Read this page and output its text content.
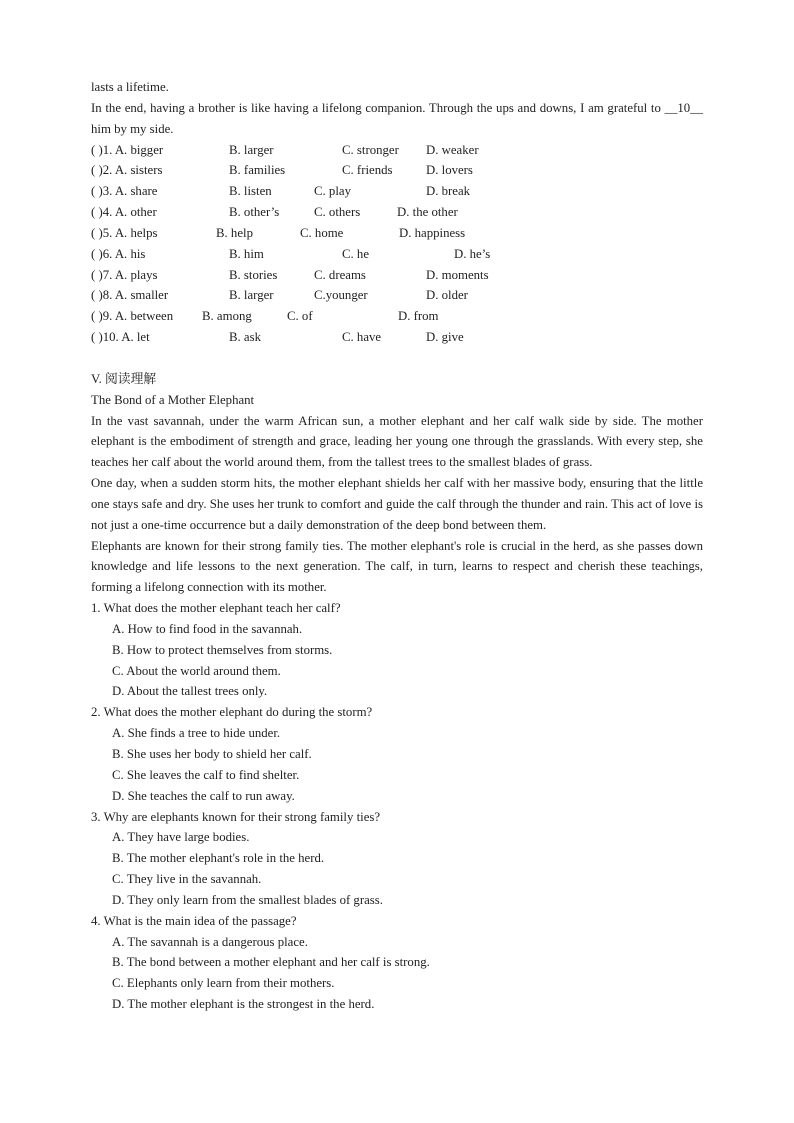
lasts a lifetime.

In the end, having a brother is like having a lifelong companion. Through the ups and downs, I am grateful to __10__ him by my side.

( )1. A. bigger	B. larger	C. stronger	D. weaker
( )2. A. sisters	B. families	C. friends	D. lovers
( )3. A. share	B. listen	C. play	D. break
( )4. A. other	B. other’s	C. others	D. the other
( )5. A. helps	B. help	C. home	D. happiness
( )6. A. his	B. him	C. he	D. he’s
( )7. A. plays	B. stories	C. dreams	D. moments
( )8. A. smaller	B. larger	C.younger	D. older
( )9. A. between	B. among	C. of	D. from
( )10. A. let	B. ask	C. have	D. give

V. 阅读理解

The Bond of a Mother Elephant

In the vast savannah, under the warm African sun, a mother elephant and her calf walk side by side. The mother elephant is the embodiment of strength and grace, leading her young one through the grasslands. With every step, she teaches her calf about the world around them, from the tallest trees to the smallest blades of grass.

One day, when a sudden storm hits, the mother elephant shields her calf with her massive body, ensuring that the little one stays safe and dry. She uses her trunk to comfort and guide the calf through the thunder and rain. This act of love is not just a one-time occurrence but a daily demonstration of the deep bond between them.

Elephants are known for their strong family ties. The mother elephant's role is crucial in the herd, as she passes down knowledge and life lessons to the next generation. The calf, in turn, learns to respect and cherish these teachings, forming a lifelong connection with its mother.

1. What does the mother elephant teach her calf?

A. How to find food in the savannah.

B. How to protect themselves from storms.

C. About the world around them.

D. About the tallest trees only.

2. What does the mother elephant do during the storm?

A. She finds a tree to hide under.

B. She uses her body to shield her calf.

C. She leaves the calf to find shelter.

D. She teaches the calf to run away.

3. Why are elephants known for their strong family ties?

A. They have large bodies.

B. The mother elephant's role in the herd.

C. They live in the savannah.

D. They only learn from the smallest blades of grass.

4. What is the main idea of the passage?

A. The savannah is a dangerous place.

B. The bond between a mother elephant and her calf is strong.

C. Elephants only learn from their mothers.

D. The mother elephant is the strongest in the herd.
